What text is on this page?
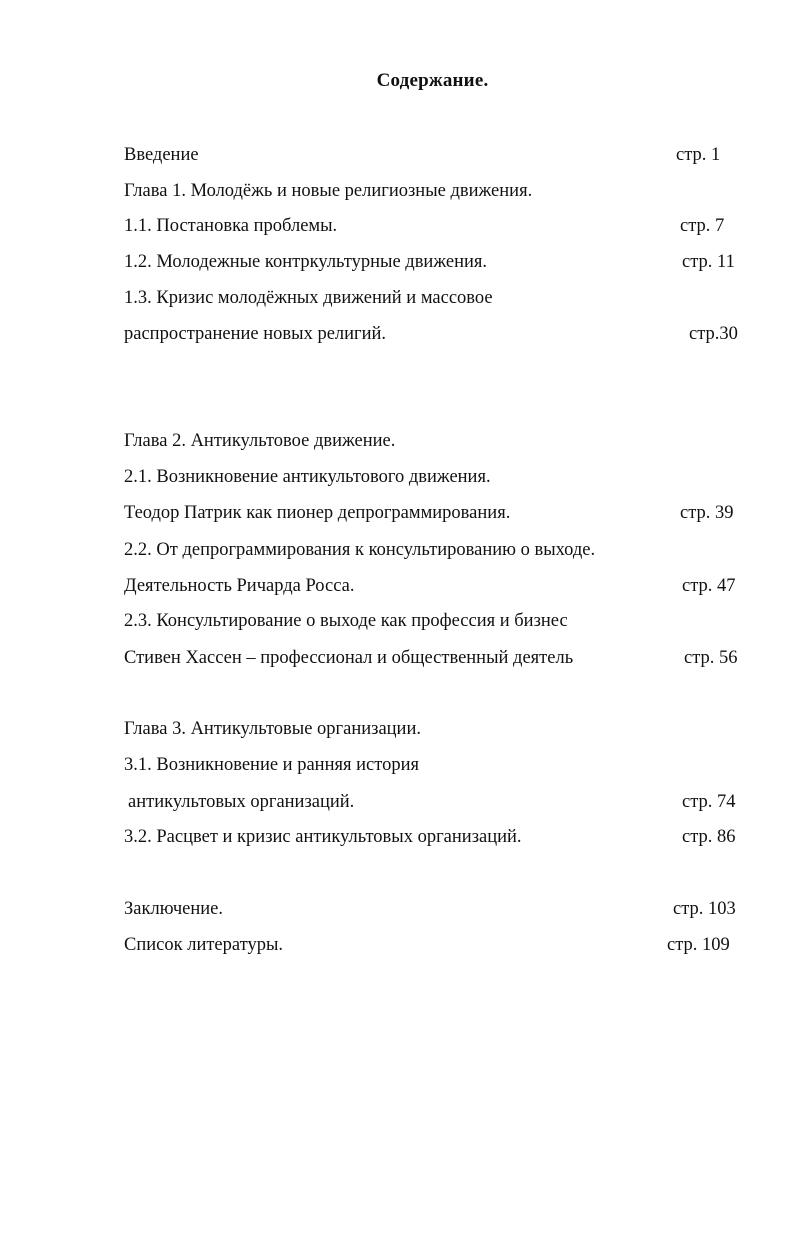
Содержание.
Введение	стр. 1
Глава 1. Молодёжь и новые религиозные движения.
1.1. Постановка проблемы.	стр. 7
1.2. Молодежные контркультурные движения.	стр. 11
1.3. Кризис молодёжных движений и массовое
распространение новых религий.	стр.30
Глава 2. Антикультовое движение.
2.1. Возникновение антикультового движения.
Теодор Патрик как пионер депрограммирования.	стр. 39
2.2. От депрограммирования к консультированию о выходе.
Деятельность Ричарда Росса.	стр. 47
2.3. Консультирование о выходе как профессия и бизнес
Стивен Хассен – профессионал и общественный деятель	стр. 56
Глава 3. Антикультовые организации.
3.1. Возникновение и ранняя история
антикультовых организаций.	стр. 74
3.2. Расцвет и кризис антикультовых организаций.	стр. 86
Заключение.	стр. 103
Список литературы.	стр. 109
